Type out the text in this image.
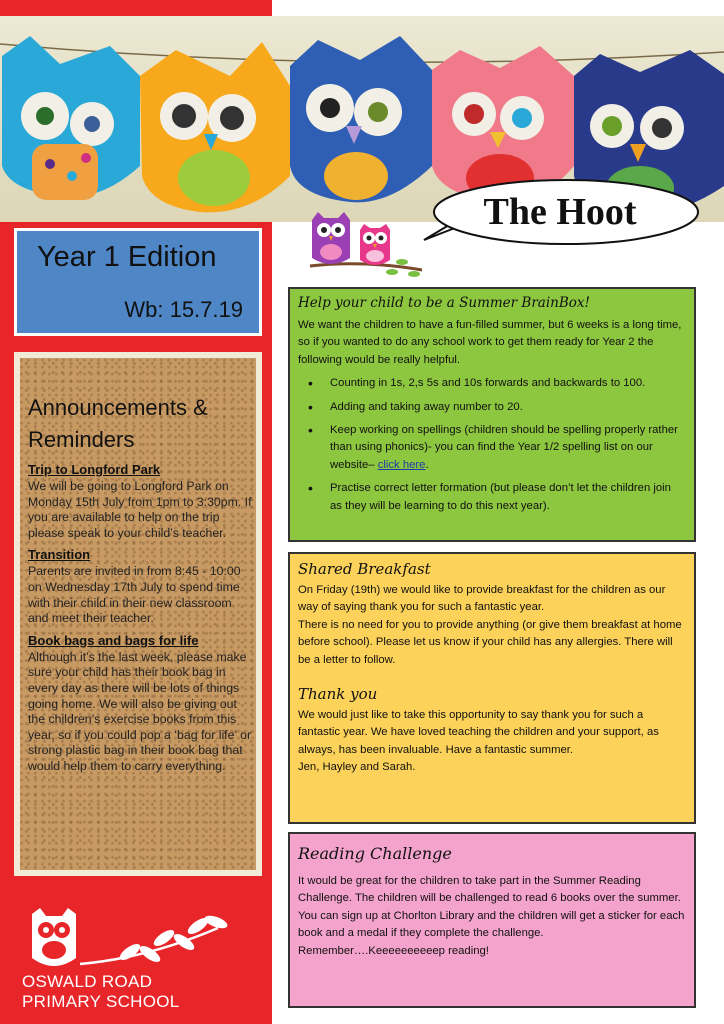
The Hoot
Year 1 Edition
Wb: 15.7.19
Announcements &
Reminders
Trip to Longford Park
We will be going to Longford Park on Monday 15th July from 1pm to 3:30pm. If you are available to help on the trip please speak to your child’s teacher.
Transition
Parents are invited in from 8:45 - 10:00 on Wednesday 17th July to spend time with their child in their new classroom and meet their teacher.
Book bags and bags for life
Although it’s the last week, please make sure your child has their book bag in every day as there will be lots of things going home. We will also be giving out the children’s exercise books from this year, so if you could pop a ‘bag for life’ or strong plastic bag in their book bag that would help them to carry everything.
OSWALD ROAD
PRIMARY SCHOOL
Help your child to be a Summer BrainBox!

We want the children to have a fun-filled summer, but 6 weeks is a long time, so if you wanted to do any school work to get them ready for Year 2 the following would be really helpful.

• Counting in 1s, 2,s 5s and 10s forwards and backwards to 100.
• Adding and taking away number to 20.
• Keep working on spellings (children should be spelling properly rather than using phonics)- you can find the Year 1/2 spelling list on our website– click here.
• Practise correct letter formation (but please don’t let the children join as they will be learning to do this next year).
Shared Breakfast

On Friday (19th) we would like to provide breakfast for the children as our way of saying thank you for such a fantastic year.

There is no need for you to provide anything (or give them breakfast at home before school). Please let us know if your child has any allergies. There will be a letter to follow.

Thank you

We would just like to take this opportunity to say thank you for such a fantastic year. We have loved teaching the children and your support, as always, has been invaluable. Have a fantastic summer.

Jen, Hayley and Sarah.

Reading Challenge

It would be great for the children to take part in the Summer Reading Challenge. The children will be challenged to read 6 books over the summer. You can sign up at Chorlton Library and the children will get a sticker for each book and a medal if they complete the challenge.

Remember….Keeeeeeeeeep reading!
